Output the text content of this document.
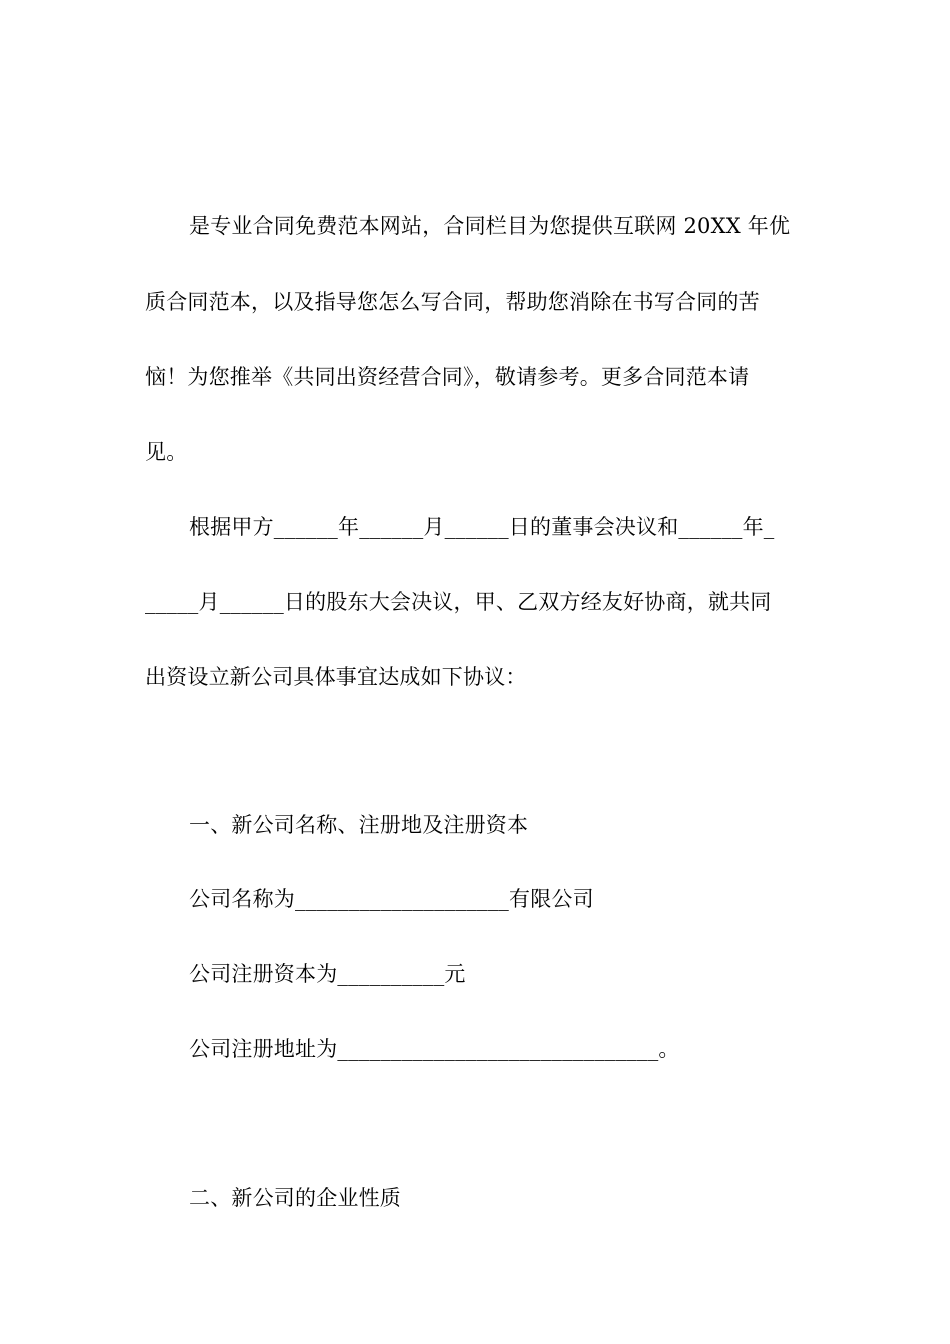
是专业合同免费范本网站，合同栏目为您提供互联网 20XX 年优
质合同范本，以及指导您怎么写合同，帮助您消除在书写合同的苦
恼！为您推举《共同出资经营合同》，敬请参考。更多合同范本请
见。
根据甲方______年______月______日的董事会决议和______年_
_____月______日的股东大会决议，甲、乙双方经友好协商，就共同
出资设立新公司具体事宜达成如下协议：
一、新公司名称、注册地及注册资本
公司名称为____________________有限公司
公司注册资本为__________元
公司注册地址为______________________________。
二、新公司的企业性质
